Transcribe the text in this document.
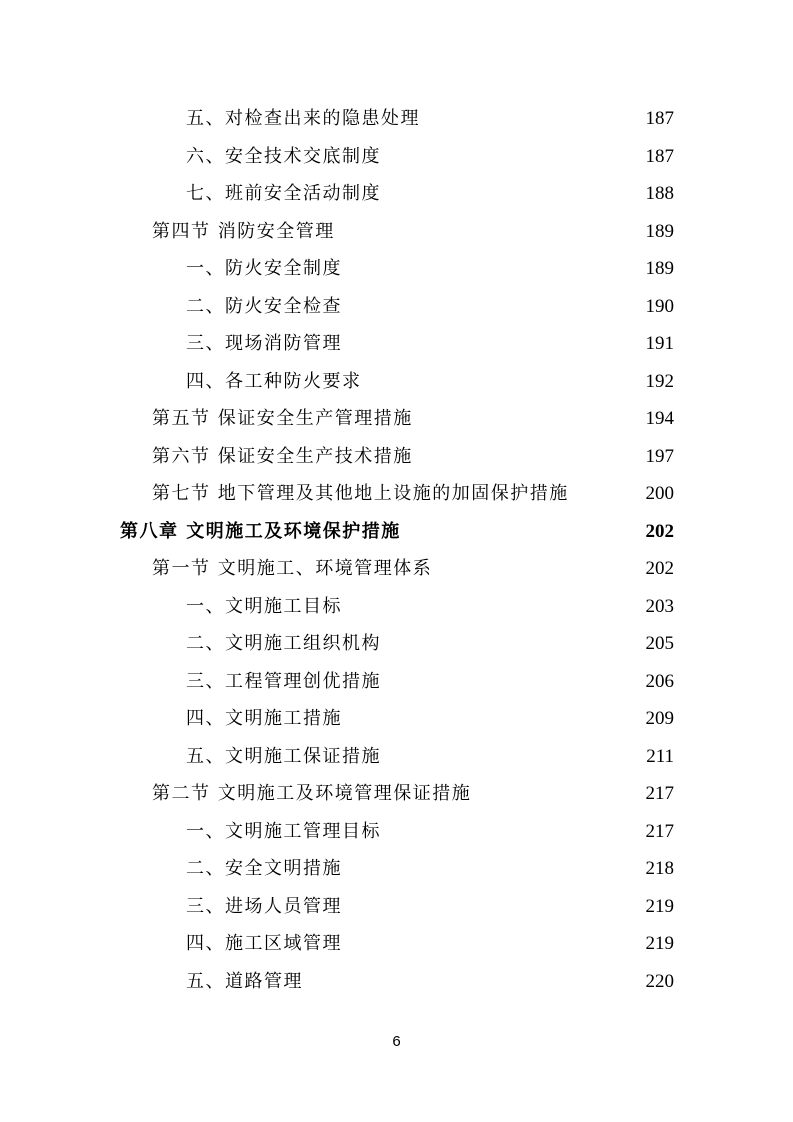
五、对检查出来的隐患处理	187
六、安全技术交底制度	187
七、班前安全活动制度	188
第四节 消防安全管理	189
一、防火安全制度	189
二、防火安全检查	190
三、现场消防管理	191
四、各工种防火要求	192
第五节 保证安全生产管理措施	194
第六节 保证安全生产技术措施	197
第七节 地下管理及其他地上设施的加固保护措施	200
第八章 文明施工及环境保护措施	202
第一节 文明施工、环境管理体系	202
一、文明施工目标	203
二、文明施工组织机构	205
三、工程管理创优措施	206
四、文明施工措施	209
五、文明施工保证措施	211
第二节 文明施工及环境管理保证措施	217
一、文明施工管理目标	217
二、安全文明措施	218
三、进场人员管理	219
四、施工区域管理	219
五、道路管理	220
6
